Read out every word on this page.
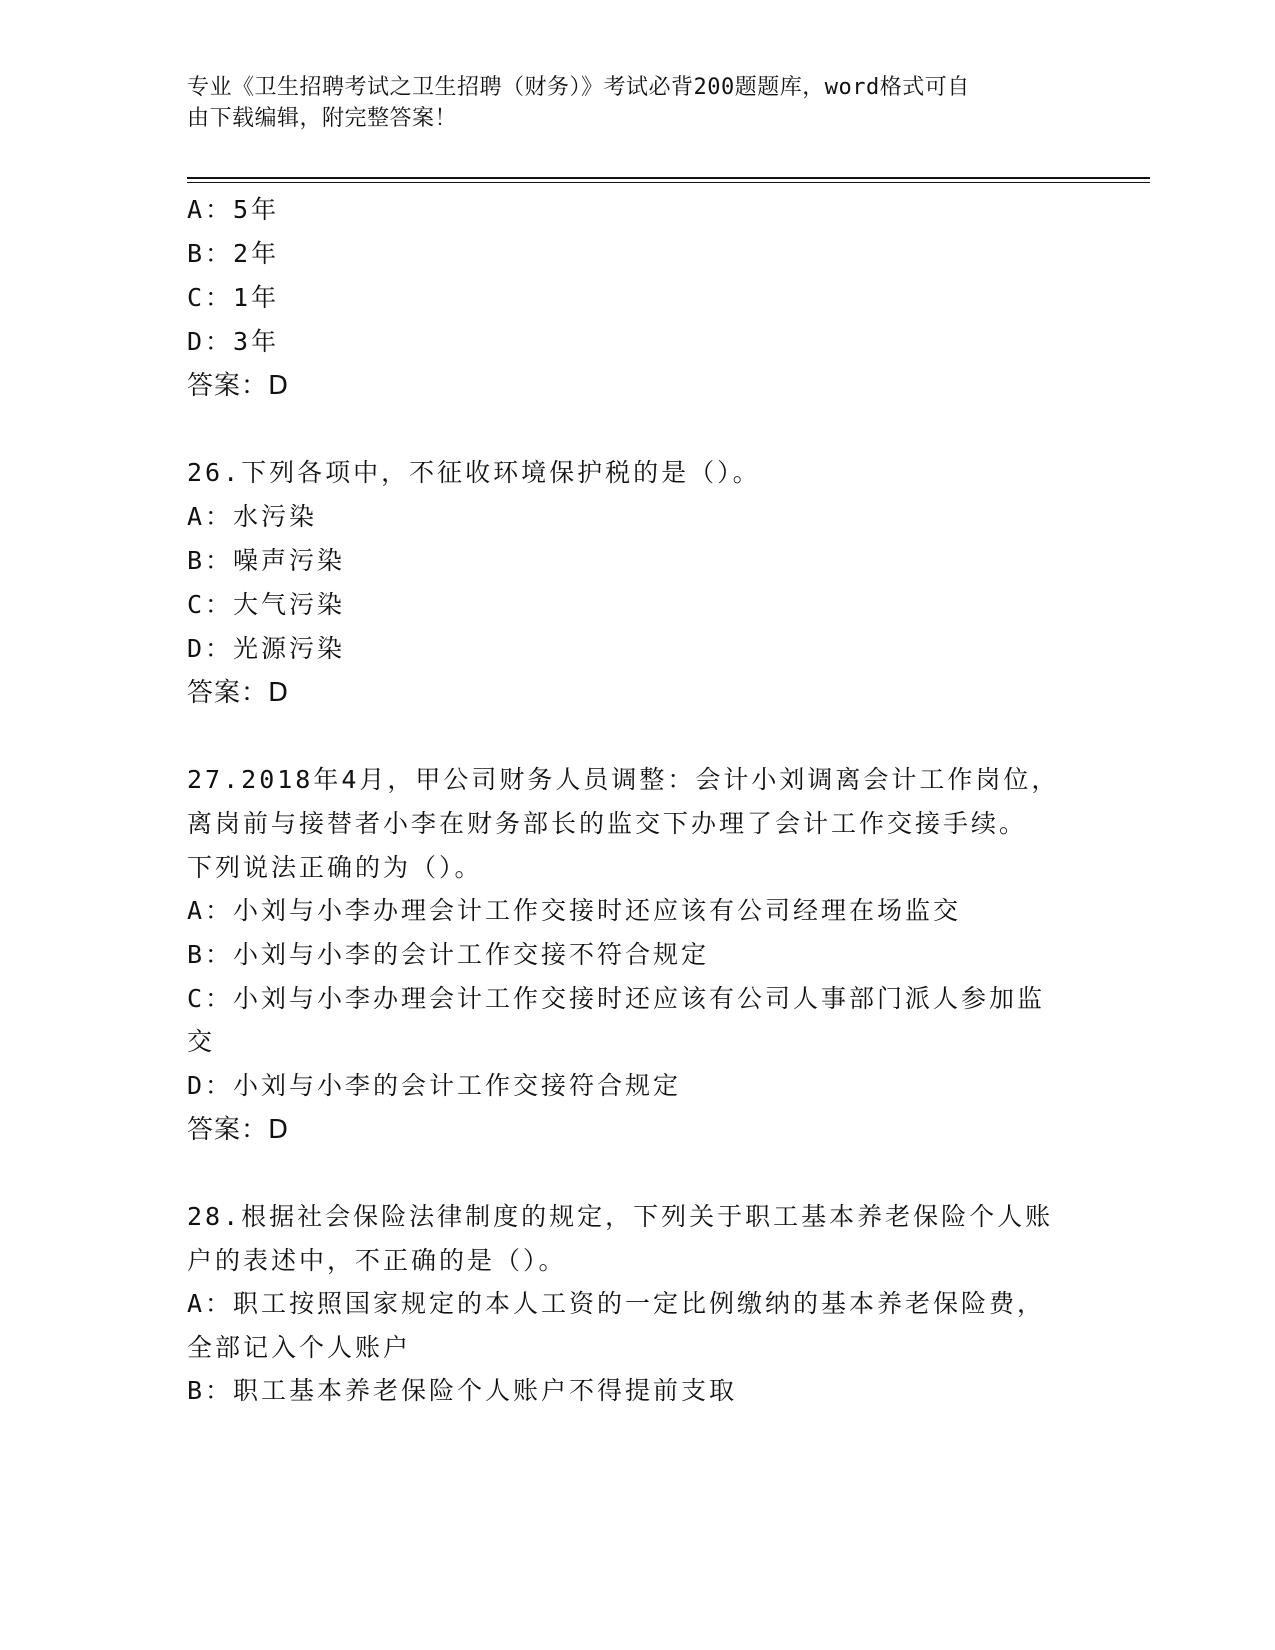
专业《卫生招聘考试之卫生招聘（财务）》考试必背200题题库，word格式可自
由下载编辑，附完整答案！
A：5年
B：2年
C：1年
D：3年
答案：D
26.下列各项中，不征收环境保护税的是（）。
A：水污染
B：噪声污染
C：大气污染
D：光源污染
答案：D
27.2018年4月，甲公司财务人员调整：会计小刘调离会计工作岗位，
离岗前与接替者小李在财务部长的监交下办理了会计工作交接手续。
下列说法正确的为（）。
A：小刘与小李办理会计工作交接时还应该有公司经理在场监交
B：小刘与小李的会计工作交接不符合规定
C：小刘与小李办理会计工作交接时还应该有公司人事部门派人参加监
交
D：小刘与小李的会计工作交接符合规定
答案：D
28.根据社会保险法律制度的规定，下列关于职工基本养老保险个人账
户的表述中，不正确的是（）。
A：职工按照国家规定的本人工资的一定比例缴纳的基本养老保险费，
全部记入个人账户
B：职工基本养老保险个人账户不得提前支取
